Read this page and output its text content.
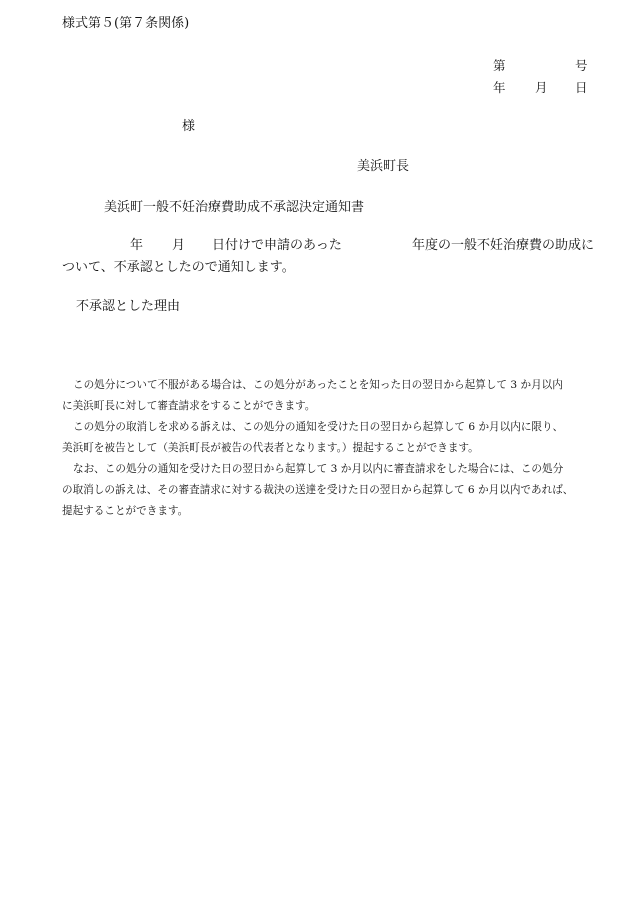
様式第５(第７条関係)
第	号
年 月 日
様
美浜町長
美浜町一般不妊治療費助成不承認決定通知書
年 月 日付けで申請のあった	年度の一般不妊治療費の助成に
ついて、不承認としたので通知します。
不承認とした理由
この処分について不服がある場合は、この処分があったことを知った日の翌日から起算して 3 か月以内
に美浜町長に対して審査請求をすることができます。
この処分の取消しを求める訴えは、この処分の通知を受けた日の翌日から起算して 6 か月以内に限り、
美浜町を被告として（美浜町長が被告の代表者となります。）提起することができます。
なお、この処分の通知を受けた日の翌日から起算して 3 か月以内に審査請求をした場合には、この処分
の取消しの訴えは、その審査請求に対する裁決の送達を受けた日の翌日から起算して 6 か月以内であれば、
提起することができます。
